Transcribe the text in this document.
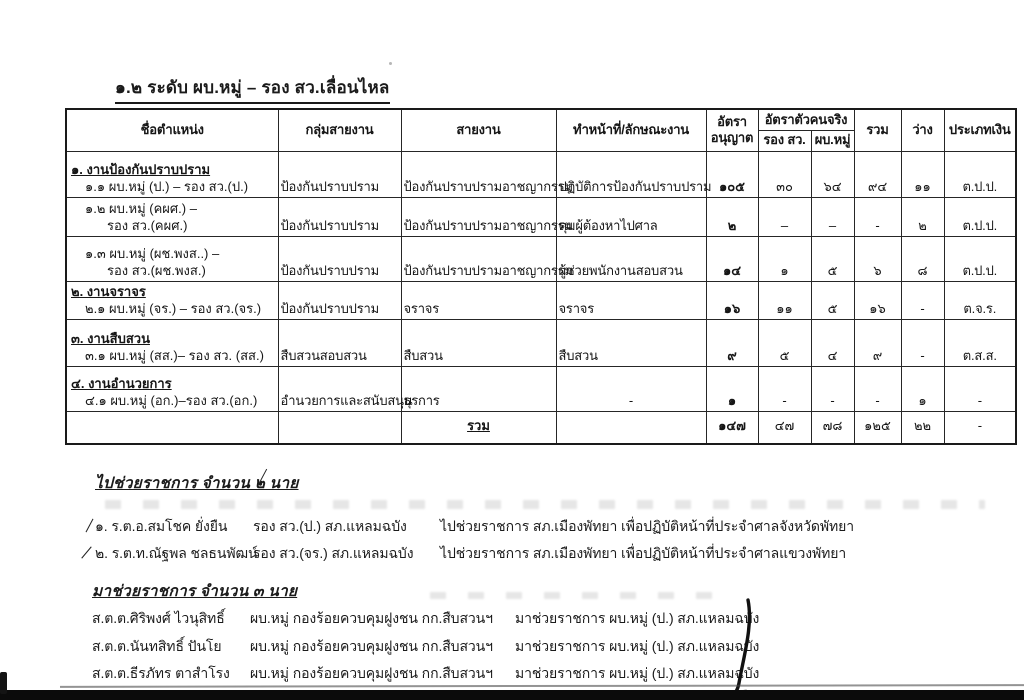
๑.๒ ระดับ ผบ.หมู่ – รอง สว.เลื่อนไหล
ชื่อตำแหน่ง	กลุ่มสายงาน	สายงาน	ทำหน้าที่/ลักษณะงาน	อัตรา
อนุญาต	อัตราตัวคนจริง		รวม	ว่าง	ประเภทเงิน
					รอง สว.	ผบ.หมู่			

๑. งานป้องกันปราบปราม
๑.๑ ผบ.หมู่ (ป.) – รอง สว.(ป.)	ป้องกันปราบปราม	ป้องกันปราบปรามอาชญากรรม	ปฏิบัติการป้องกันปราบปราม	๑๐๕	๓๐	๖๔	๙๔	๑๑	ต.ป.ป.

๑.๒ ผบ.หมู่ (คผศ.) –
รอง สว.(คผศ.)	ป้องกันปราบปราม	ป้องกันปราบปรามอาชญากรรม	คุมผู้ต้องหาไปศาล	๒	–	–	-	๒	ต.ป.ป.

๑.๓ ผบ.หมู่ (ผช.พงส..) –
รอง สว.(ผช.พงส.)	ป้องกันปราบปราม	ป้องกันปราบปรามอาชญากรรม	ผู้ช่วยพนักงานสอบสวน	๑๔	๑	๕	๖	๘	ต.ป.ป.

๒. งานจราจร
๒.๑ ผบ.หมู่ (จร.) – รอง สว.(จร.)	ป้องกันปราบปราม	จราจร	จราจร	๑๖	๑๑	๕	๑๖	-	ต.จ.ร.

๓. งานสืบสวน
๓.๑ ผบ.หมู่ (สส.)– รอง สว. (สส.)	สืบสวนสอบสวน	สืบสวน	สืบสวน	๙	๕	๔	๙	-	ต.ส.ส.

๔. งานอำนวยการ
๔.๑ ผบ.หมู่ (อก.)–รอง สว.(อก.)	อำนวยการและสนับสนุน	ธุรการ	-	๑	-	-	-	๑	-
		รวม		๑๔๗	๔๗	๗๘	๑๒๕	๒๒	-
ไปช่วยราชการ จำนวน ๒ นาย
๑. ร.ต.อ.สมโชค ยั่งยืน	รอง สว.(ป.) สภ.แหลมฉบัง	ไปช่วยราชการ สภ.เมืองพัทยา เพื่อปฏิบัติหน้าที่ประจำศาลจังหวัดพัทยา
๒. ร.ต.ท.ณัฐพล ชลธนพัฒน์
รอง สว.(จร.) สภ.แหลมฉบัง	ไปช่วยราชการ สภ.เมืองพัทยา เพื่อปฏิบัติหน้าที่ประจำศาลแขวงพัทยา
มาช่วยราชการ จำนวน ๓ นาย
ส.ต.ต.ศิริพงศ์ ไวนุสิทธิ์	ผบ.หมู่ กองร้อยควบคุมฝูงชน กก.สืบสวนฯ	มาช่วยราชการ ผบ.หมู่ (ป.) สภ.แหลมฉบัง
ส.ต.ต.นันทสิทธิ์ ปันโย	ผบ.หมู่ กองร้อยควบคุมฝูงชน กก.สืบสวนฯ	มาช่วยราชการ ผบ.หมู่ (ป.) สภ.แหลมฉบัง
ส.ต.ต.ธีรภัทร ตาสำโรง	ผบ.หมู่ กองร้อยควบคุมฝูงชน กก.สืบสวนฯ	มาช่วยราชการ ผบ.หมู่ (ป.) สภ.แหลมฉบัง
